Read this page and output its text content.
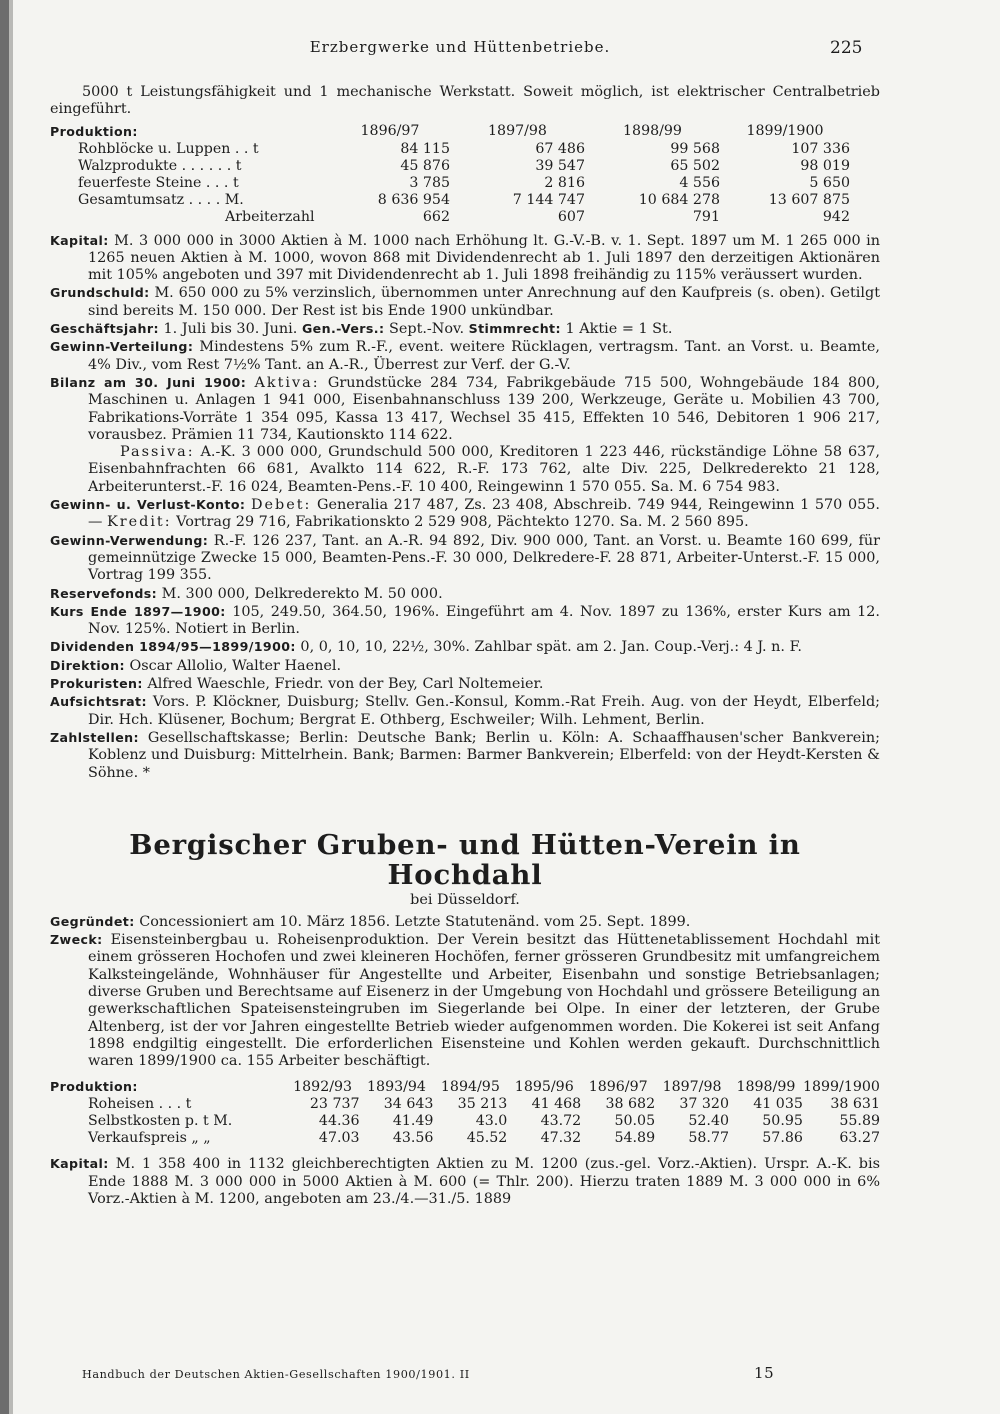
Erzbergwerke und Hüttenbetriebe.	225

5000 t Leistungsfähigkeit und 1 mechanische Werkstatt. Soweit möglich, ist elektrischer Centralbetrieb eingeführt.

Produktion:	1896/97	1897/98	1898/99	1899/1900
Rohblöcke u. Luppen . . t	84 115	67 486	99 568	107 336
Walzprodukte . . . . . . t	45 876	39 547	65 502	98 019
feuerfeste Steine . . . t	3 785	2 816	4 556	5 650
Gesamtumsatz . . . . M.	8 636 954	7 144 747	10 684 278	13 607 875
Arbeiterzahl	662	607	791	942

Kapital: M. 3 000 000 in 3000 Aktien à M. 1000 nach Erhöhung lt. G.-V.-B. v. 1. Sept. 1897 um M. 1 265 000 in 1265 neuen Aktien à M. 1000, wovon 868 mit Dividendenrecht ab 1. Juli 1897 den derzeitigen Aktionären mit 105% angeboten und 397 mit Dividendenrecht ab 1. Juli 1898 freihändig zu 115% veräussert wurden.

Grundschuld: M. 650 000 zu 5% verzinslich, übernommen unter Anrechnung auf den Kaufpreis (s. oben). Getilgt sind bereits M. 150 000. Der Rest ist bis Ende 1900 unkündbar.

Geschäftsjahr: 1. Juli bis 30. Juni. Gen.-Vers.: Sept.-Nov. Stimmrecht: 1 Aktie = 1 St.

Gewinn-Verteilung: Mindestens 5% zum R.-F., event. weitere Rücklagen, vertragsm. Tant. an Vorst. u. Beamte, 4% Div., vom Rest 7½% Tant. an A.-R., Überrest zur Verf. der G.-V.

Bilanz am 30. Juni 1900: Aktiva: Grundstücke 284 734, Fabrikgebäude 715 500, Wohngebäude 184 800, Maschinen u. Anlagen 1 941 000, Eisenbahnanschluss 139 200, Werkzeuge, Geräte u. Mobilien 43 700, Fabrikations-Vorräte 1 354 095, Kassa 13 417, Wechsel 35 415, Effekten 10 546, Debitoren 1 906 217, vorausbez. Prämien 11 734, Kautionskto 114 622.

Passiva: A.-K. 3 000 000, Grundschuld 500 000, Kreditoren 1 223 446, rückständige Löhne 58 637, Eisenbahnfrachten 66 681, Avalkto 114 622, R.-F. 173 762, alte Div. 225, Delkrederekto 21 128, Arbeiterunterst.-F. 16 024, Beamten-Pens.-F. 10 400, Reingewinn 1 570 055. Sa. M. 6 754 983.

Gewinn- u. Verlust-Konto: Debet: Generalia 217 487, Zs. 23 408, Abschreib. 749 944, Reingewinn 1 570 055. — Kredit: Vortrag 29 716, Fabrikationskto 2 529 908, Pächtekto 1270. Sa. M. 2 560 895.

Gewinn-Verwendung: R.-F. 126 237, Tant. an A.-R. 94 892, Div. 900 000, Tant. an Vorst. u. Beamte 160 699, für gemeinnützige Zwecke 15 000, Beamten-Pens.-F. 30 000, Delkredere-F. 28 871, Arbeiter-Unterst.-F. 15 000, Vortrag 199 355.

Reservefonds: M. 300 000, Delkrederekto M. 50 000.

Kurs Ende 1897—1900: 105, 249.50, 364.50, 196%. Eingeführt am 4. Nov. 1897 zu 136%, erster Kurs am 12. Nov. 125%. Notiert in Berlin.

Dividenden 1894/95—1899/1900: 0, 0, 10, 10, 22½, 30%. Zahlbar spät. am 2. Jan. Coup.-Verj.: 4 J. n. F.

Direktion: Oscar Allolio, Walter Haenel.

Prokuristen: Alfred Waeschle, Friedr. von der Bey, Carl Noltemeier.

Aufsichtsrat: Vors. P. Klöckner, Duisburg; Stellv. Gen.-Konsul, Komm.-Rat Freih. Aug. von der Heydt, Elberfeld; Dir. Hch. Klüsener, Bochum; Bergrat E. Othberg, Eschweiler; Wilh. Lehment, Berlin.

Zahlstellen: Gesellschaftskasse; Berlin: Deutsche Bank; Berlin u. Köln: A. Schaaffhausen'scher Bankverein; Koblenz und Duisburg: Mittelrhein. Bank; Barmen: Barmer Bankverein; Elberfeld: von der Heydt-Kersten & Söhne. *

Bergischer Gruben- und Hütten-Verein in Hochdahl
bei Düsseldorf.

Gegründet: Concessioniert am 10. März 1856. Letzte Statutenänd. vom 25. Sept. 1899.

Zweck: Eisensteinbergbau u. Roheisenproduktion. Der Verein besitzt das Hüttenetablissement Hochdahl mit einem grösseren Hochofen und zwei kleineren Hochöfen, ferner grösseren Grundbesitz mit umfangreichem Kalksteingelände, Wohnhäuser für Angestellte und Arbeiter, Eisenbahn und sonstige Betriebsanlagen; diverse Gruben und Berechtsame auf Eisenerz in der Umgebung von Hochdahl und grössere Beteiligung an gewerkschaftlichen Spateisensteingruben im Siegerlande bei Olpe. In einer der letzteren, der Grube Altenberg, ist der vor Jahren eingestellte Betrieb wieder aufgenommen worden. Die Kokerei ist seit Anfang 1898 endgiltig eingestellt. Die erforderlichen Eisensteine und Kohlen werden gekauft. Durchschnittlich waren 1899/1900 ca. 155 Arbeiter beschäftigt.

Produktion:	1892/93	1893/94	1894/95	1895/96	1896/97	1897/98	1898/99	1899/1900
Roheisen . . . t	23 737	34 643	35 213	41 468	38 682	37 320	41 035	38 631
Selbstkosten p. t M.	44.36	41.49	43.0	43.72	50.05	52.40	50.95	55.89
Verkaufspreis „ „	47.03	43.56	45.52	47.32	54.89	58.77	57.86	63.27

Kapital: M. 1 358 400 in 1132 gleichberechtigten Aktien zu M. 1200 (zus.-gel. Vorz.-Aktien). Urspr. A.-K. bis Ende 1888 M. 3 000 000 in 5000 Aktien à M. 600 (= Thlr. 200). Hierzu traten 1889 M. 3 000 000 in 6% Vorz.-Aktien à M. 1200, angeboten am 23./4.—31./5. 1889

Handbuch der Deutschen Aktien-Gesellschaften 1900/1901. II	15
